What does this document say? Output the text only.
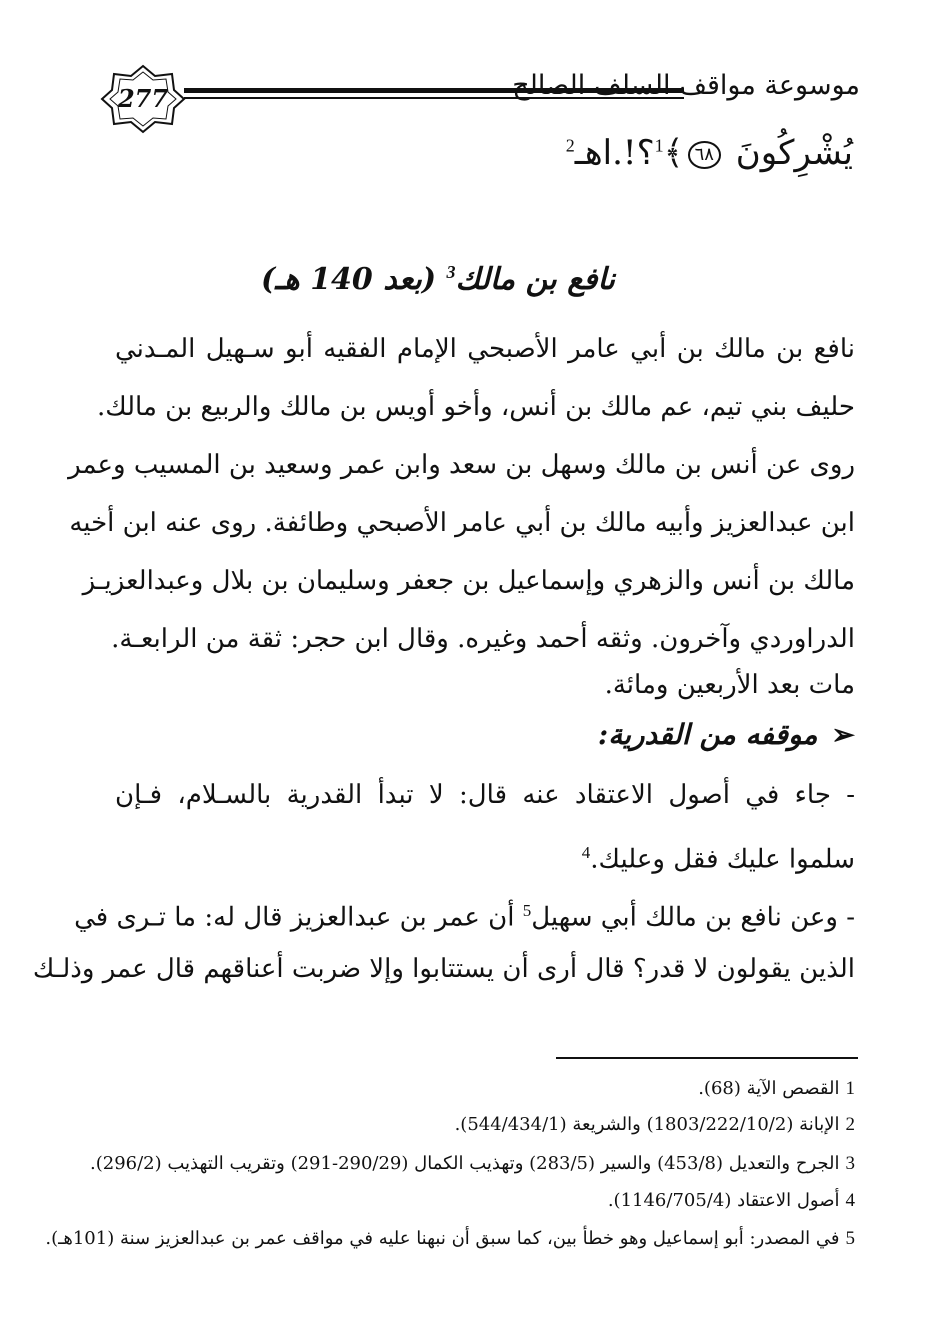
277	موسوعة مواقف السلف الصالح
يُشْرِكُونَ ٦٨﴾$^1$؟!.اهـ$^2$
نافع بن مالك$^3$ (بعد 140 هـ)
نافع بن مالك بن أبي عامر الأصبحي الإمام الفقيه أبو سـهيل المـدني
حليف بني تيم، عم مالك بن أنس، وأخو أويس بن مالك والربيع بن مالك.
روى عن أنس بن مالك وسهل بن سعد وابن عمر وسعيد بن المسيب وعمر
ابن عبدالعزيز وأبيه مالك بن أبي عامر الأصبحي وطائفة. روى عنه ابن أخيه
مالك بن أنس والزهري وإسماعيل بن جعفر وسليمان بن بلال وعبدالعزيـز
الدراوردي وآخرون. وثقه أحمد وغيره. وقال ابن حجر: ثقة من الرابعـة.
مات بعد الأربعين ومائة.
➢موقفه من القدرية:
- جاء في أصول الاعتقاد عنه قال: لا تبدأ القدرية بالسـلام، فـإن
سلموا عليك فقل وعليك.$^4$
- وعن نافع بن مالك أبي سهيل$^5$ أن عمر بن عبدالعزيز قال له: ما تـرى في
الذين يقولون لا قدر؟ قال أرى أن يستتابوا وإلا ضربت أعناقهم قال عمر وذلـك
1القصص الآية (68).
2الإبانة (1803/222/10/2) والشريعة (544/434/1).
3الجرح والتعديل (453/8) والسير (283/5) وتهذيب الكمال (290/29-291) وتقريب التهذيب (296/2).
4أصول الاعتقاد (1146/705/4).
5في المصدر: أبو إسماعيل وهو خطأ بين، كما سبق أن نبهنا عليه في مواقف عمر بن عبدالعزيز سنة (101هـ).
